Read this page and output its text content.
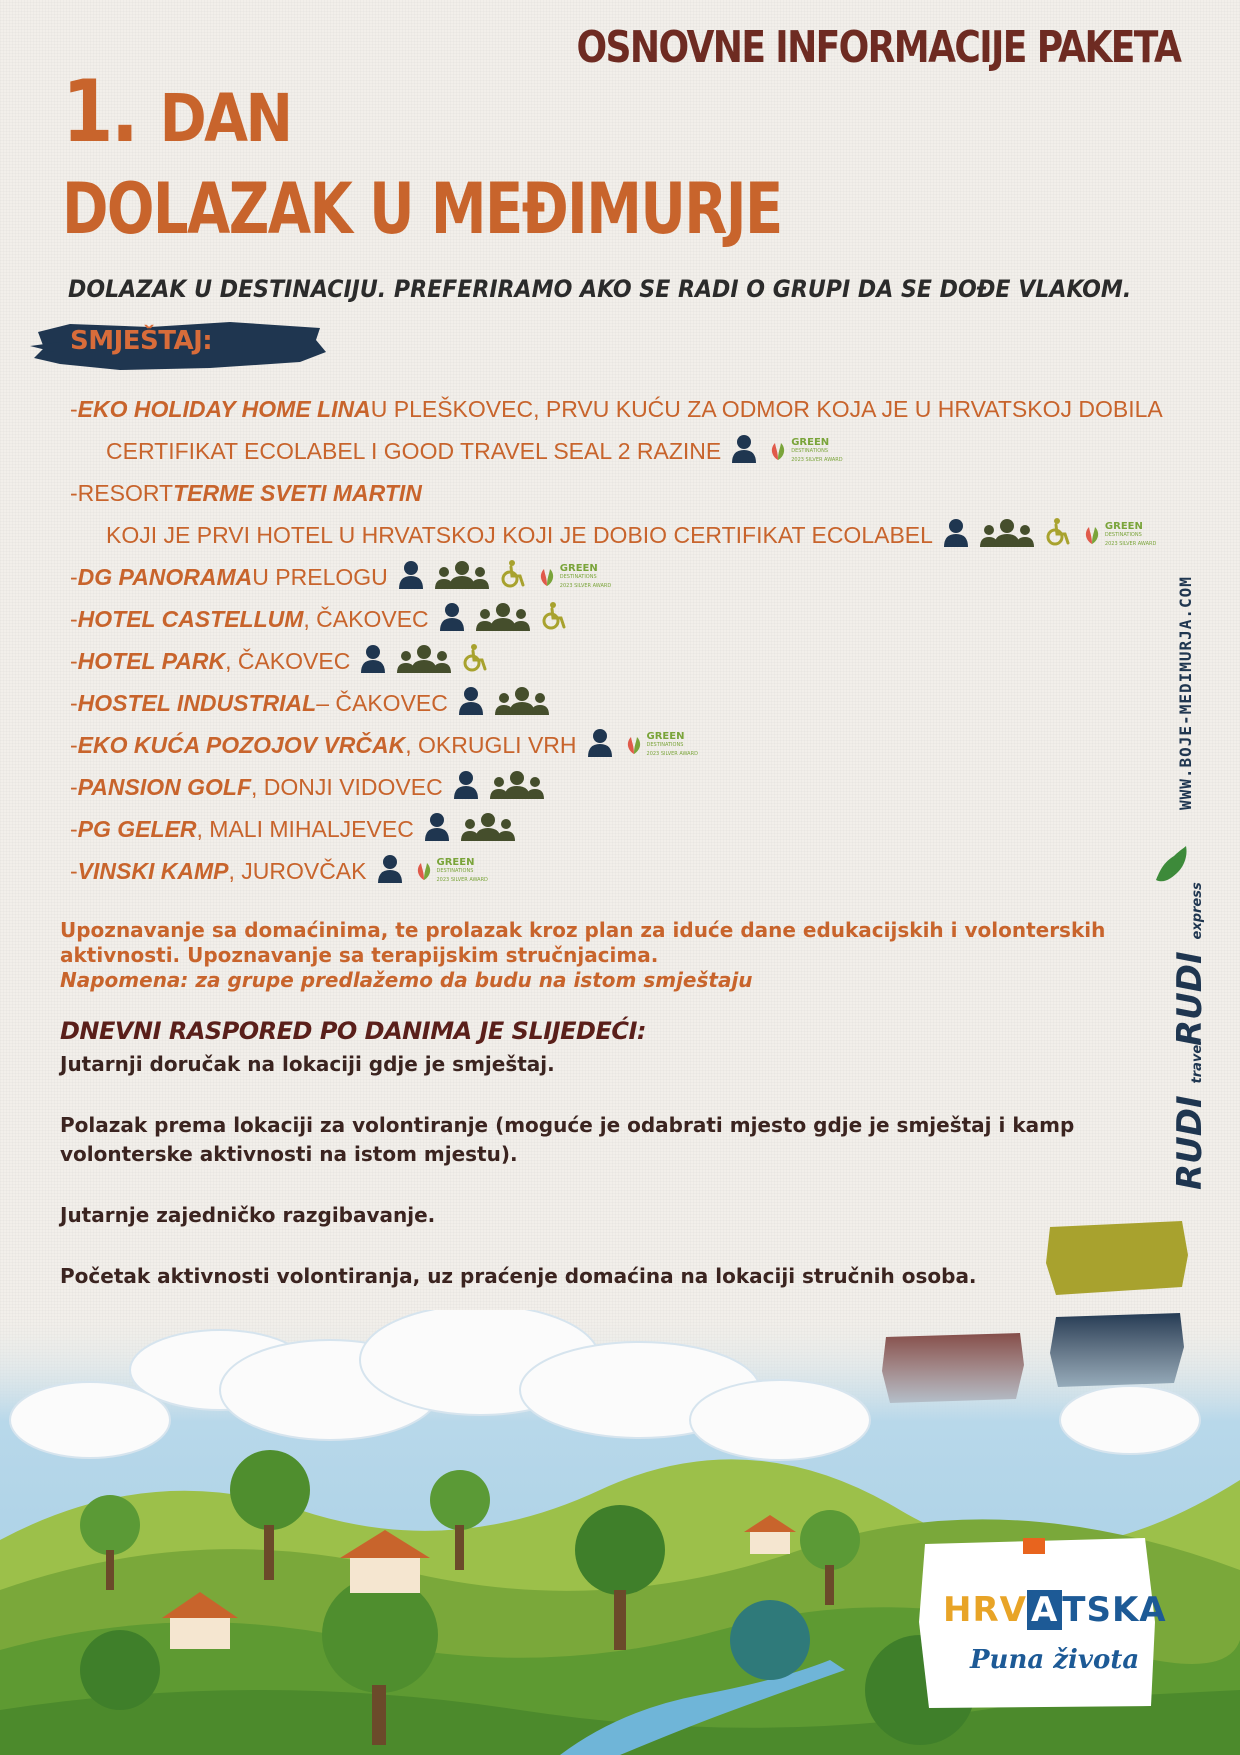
OSNOVNE INFORMACIJE PAKETA
1. DAN
DOLAZAK U MEĐIMURJE
DOLAZAK U DESTINACIJU. PREFERIRAMO AKO SE RADI O GRUPI DA SE DOĐE VLAKOM.
SMJEŠTAJ:
- EKO HOLIDAY HOME LINA U PLEŠKOVEC, PRVU KUĆU ZA ODMOR KOJA JE U HRVATSKOJ DOBILA
CERTIFIKAT ECOLABEL I GOOD TRAVEL SEAL 2 RAZINE	GREEN
DESTINATIONS
2023 SILVER AWARD
- RESORT TERME SVETI MARTIN
KOJI JE PRVI HOTEL U HRVATSKOJ KOJI JE DOBIO CERTIFIKAT ECOLABEL	GREEN
DESTINATIONS
2023 SILVER AWARD
- DG PANORAMA U PRELOGU	GREEN
DESTINATIONS
2023 SILVER AWARD
- HOTEL CASTELLUM , ČAKOVEC
- HOTEL PARK , ČAKOVEC
- HOSTEL INDUSTRIAL – ČAKOVEC
- EKO KUĆA POZOJOV VRČAK , OKRUGLI VRH	GREEN
DESTINATIONS
2023 SILVER AWARD
- PANSION GOLF , DONJI VIDOVEC
- PG GELER , MALI MIHALJEVEC
- VINSKI KAMP , JUROVČAK	GREEN
DESTINATIONS
2023 SILVER AWARD
Upoznavanje sa domaćinima, te prolazak kroz plan za iduće dane edukacijskih i volonterskih aktivnosti. Upoznavanje sa terapijskim stručnjacima.
Napomena: za grupe predlažemo da budu na istom smještaju
DNEVNI RASPORED PO DANIMA JE SLIJEDEĆI:

Jutarnji doručak na lokaciji gdje je smještaj.

Polazak prema lokaciji za volontiranje (moguće je odabrati mjesto gdje je smještaj i kamp volonterske aktivnosti na istom mjestu).

Jutarnje zajedničko razgibavanje.

Početak aktivnosti volontiranja, uz praćenje domaćina na lokaciji stručnih osoba.

WWW.BOJE-MEDIMURJA.COM
RUDI express
RUDI travel
HRV A TSKA
Puna života
